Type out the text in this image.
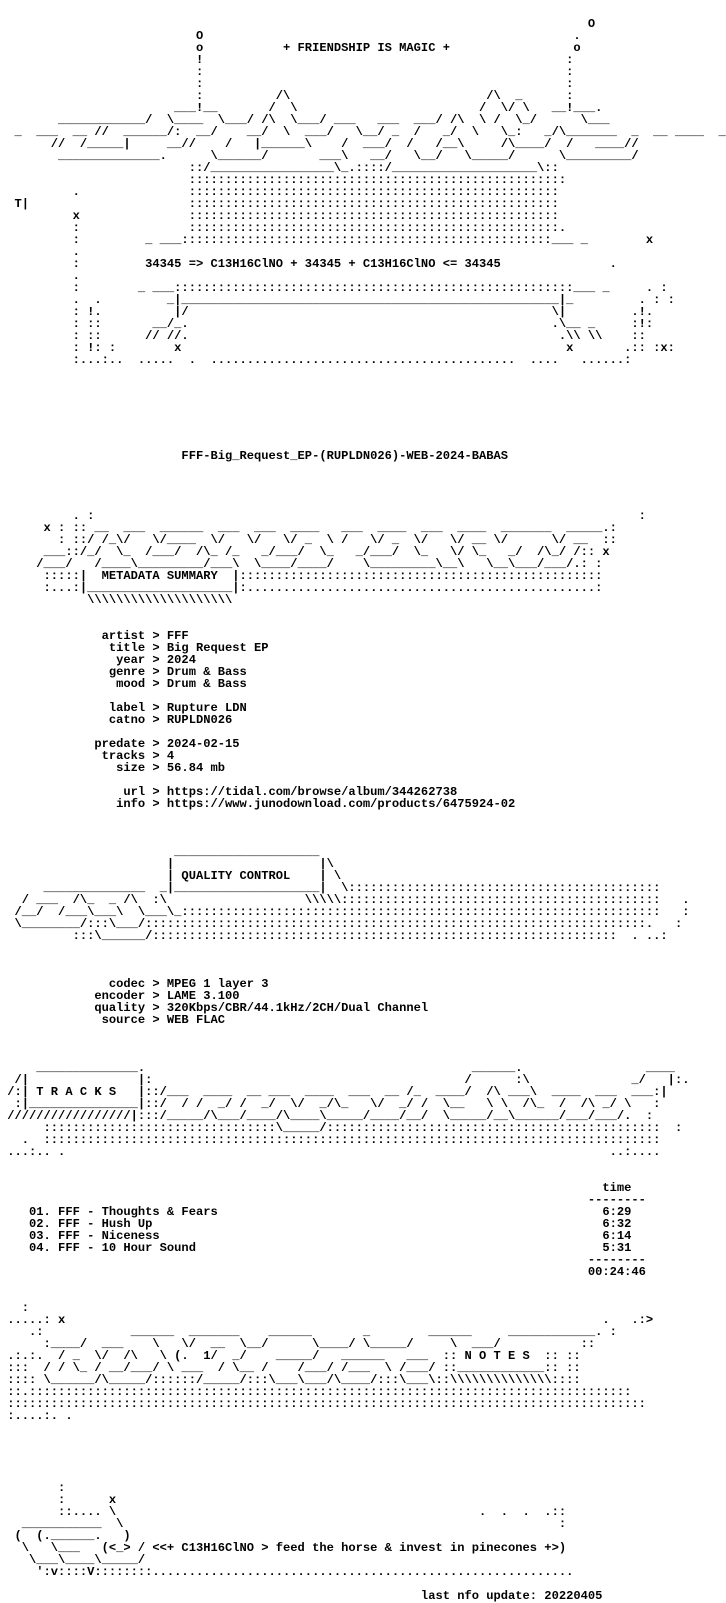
O
O                                                   .
o           + FRIENDSHIP IS MAGIC +                 o
!                                                  :
:                                                  :
:                                                  :
:          /\                           /\  _      :
___!__       /  \                         /  \/ \   __!___.
____________/  \____  \___/ /\  \___/ ___   ___  ___/ /\  \ /  \_/      \___
_  ___  __ //  ______/:  __/    __/  \  ___/   \__/ _  /   _/  \   \_:   _/\_______  _  __ ____  _
//  /_____|     __//    /   |______\    /  ___/  /   /__\     /\____/  /   ____//
______________.      \______/       ___\   __/   \__/   \_____/      \_________/
::/_________________\_.::::/____________________\::
::::::::::::::::::::::::::::::::::::::::::::::::::::
.               :::::::::::::::::::::::::::::::::::::::::::::::::::
T|                      :::::::::::::::::::::::::::::::::::::::::::::::::::
x               :::::::::::::::::::::::::::::::::::::::::::::::::::
:               :::::::::::::::::::::::::::::::::::::::::::::::::::.
:         _ ___:::::::::::::::::::::::::::::::::::::::::::::::::::___ _        x
.
:         34345 => C13H16ClNO + 34345 + C13H16ClNO <= 34345               .
.
:        _ ___:::::::::::::::::::::::::::::::::::::::::::::::::::::::___ _     . :
.  .         _|____________________________________________________|_         . : :
: !.          |/                                                  \|         .!.
: ::       __/_.                                                  .\__ _     :!:
: ::      // //.                                                   .\\ \\    ::
: !: :        x                                                     x       .:: :x:
:...:..  .....  .  ..........................................  ....   ......:

FFF-Big_Request_EP-(RUPLDN026)-WEB-2024-BABAS

. :                                                                           :
x : :: __  ___  ______  ___  ___  ____   ___  ____  ___  ____  _______  _____.:
: ::/ /_\/   \/____  \/   \/   \/ _  \ /   \/ _  \/   \/ __ \/      \/ __  ::
___::/_/  \_  /___/  /\_ /_   _/___/  \_   _/___/  \_   \/ \_   _/  /\_/ /:: x
/___/   /____\_________/___\  \____/____/    \_________\__\   \__\___/___/.: :
:::::|  METADATA SUMMARY  |::::::::::::::::::::::::::::::::::::::::::::::::::
:...:|____________________|:................................................:
\\\\\\\\\\\\\\\\\\\\

artist > FFF
title > Big Request EP
year > 2024
genre > Drum & Bass
mood > Drum & Bass

label > Rupture LDN
catno > RUPLDN026

predate > 2024-02-15
tracks > 4
size > 56.84 mb

url > https://tidal.com/browse/album/344262738
info > https://www.junodownload.com/products/6475924-02

____________________
|                    |\
| QUALITY CONTROL    | \
______________  _|____________________|  \:::::::::::::::::::::::::::::::::::::::::::
/ ___  /\_  _ /\  :\                   \\\\\::::::::::::::::::::::::::::::::::::::::::::   .
/__/  /___\___\  \___\_::::::::::::::::::::::::::::::::::::::::::::::::::::::::::::::::::   :
\________/:::\___/:::::::::::::::::::::::::::::::::::::::::::::::::::::::::::::::::::::.   :
:::\______/::::::::::::::::::::::::::::::::::::::::::::::::::::::::::::::::  . ..:

codec > MPEG 1 layer 3
encoder > LAME 3.100
quality > 320Kbps/CBR/44.1kHz/2CH/Dual Channel
source > WEB FLAC

______________.                                             ______.                 ____
/|               |:                                           /      :\              _/   |:.
/:| T R A C K S   |::/___  ____  __ ___  ____  ___  __ /_  ____/  /\ ___\  ____  ___  ___:|
:|_______________|::/  / /  _/ /  _/  \/  _/\_   \/  _/ /  \__   \ \  /\_  /  /\ _/ \   :
/////////////////|:::/_____/\___/____/\____\_____/____/__/  \_____/__\______/___/___/.  :
::::::::::::::::::::::::::::::::\_____/::::::::::::::::::::::::::::::::::::::::::::::  :
.  :::::::::::::::::::::::::::::::::::::::::::::::::::::::::::::::::::::::::::::::::::::
...:.. .                                                                           ..:....

time
--------
01. FFF - Thoughts & Fears                                                     6:29
02. FFF - Hush Up                                                              6:32
03. FFF - Niceness                                                             6:14
04. FFF - 10 Hour Sound                                                        5:31
--------
00:24:46

:
.....: x                                                                          .   .:>
.:            ______  _______    ______       _        ______     ____________. :
:____/  ___    \   \/  __  \__/      \____/ \_____/     \  ___/           ::
.:.:.  / _  \/  /\   \ (.  1/  _/    _____/   ______   ___  :: N O T E S  :: ::
:::  / / \_ / __/___/ \ ___  / \__ /    /___/ /___  \ /___/ ::____________:: ::
:::: \______/\_____/::::::/_____/:::\___\___/\____/:::\___\::\\\\\\\\\\\\\\::::
::.:::::::::::::::::::::::::::::::::::::::::::::::::::::::::::::::::::::::::::::::::::
::::::::::::::::::::::::::::::::::::::::::::::::::::::::::::::::::::::::::::::::::::::::
:....:. .

:
:      x
::.... \                                                  .  .  .  .::
___________  \                                                            :
(  (.______.   )
\   \___   (<_> / <<+ C13H16ClNO > feed the horse & invest in pinecones +>)
\___\____\_____/
':v::::V::::::::..........................................................

last nfo update: 20220405
